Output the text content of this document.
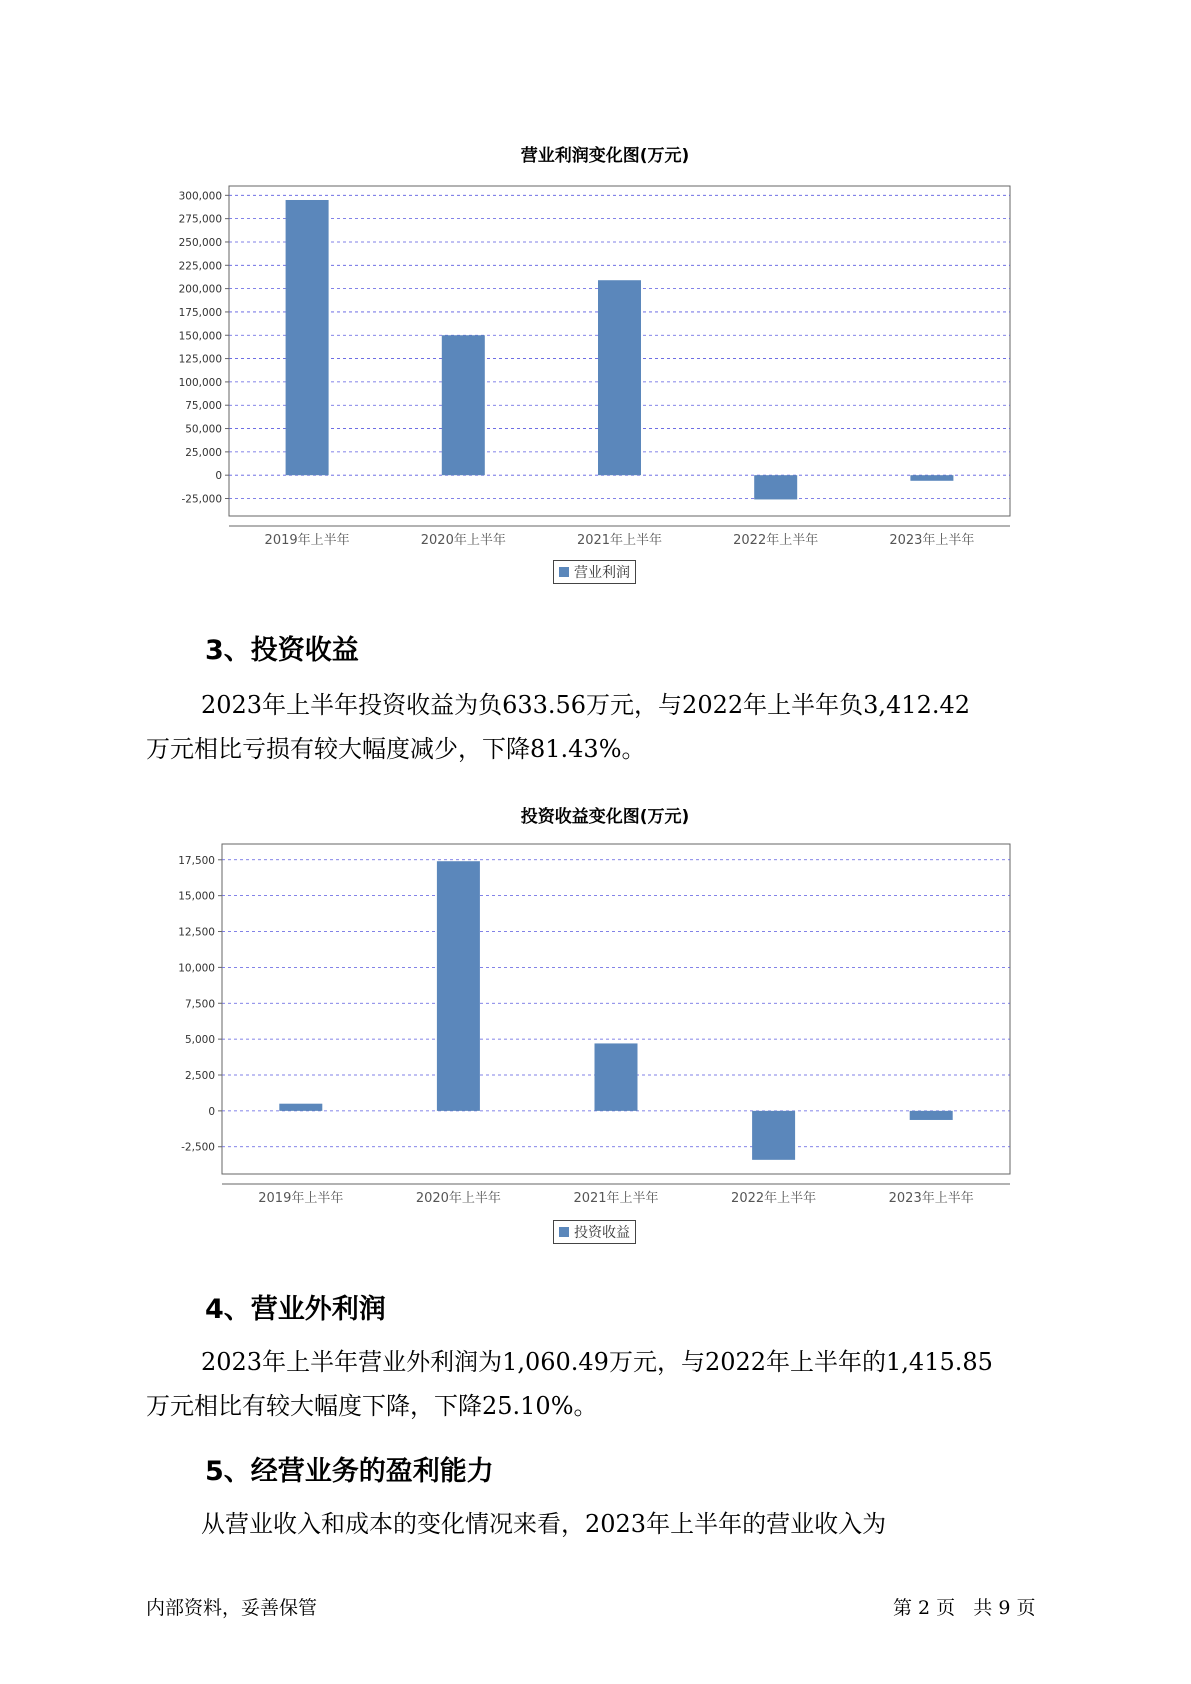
营业利润变化图(万元)
300,000
275,000
250,000
225,000
200,000
175,000
150,000
125,000
100,000
75,000
50,000
25,000
0
-25,000
2019年上半年	2020年上半年	2021年上半年	2022年上半年	2023年上半年
营业利润
3、投资收益
2023年上半年投资收益为负633.56万元，与2022年上半年负3,412.42
万元相比亏损有较大幅度减少，下降81.43%。
投资收益变化图(万元)
17,500
15,000
12,500
10,000
7,500
5,000
2,500
0
-2,500
2019年上半年	2020年上半年	2021年上半年	2022年上半年	2023年上半年
投资收益
4、营业外利润
2023年上半年营业外利润为1,060.49万元，与2022年上半年的1,415.85
万元相比有较大幅度下降，下降25.10%。
5、经营业务的盈利能力
从营业收入和成本的变化情况来看，2023年上半年的营业收入为
内部资料，妥善保管	第 2 页   共 9 页
